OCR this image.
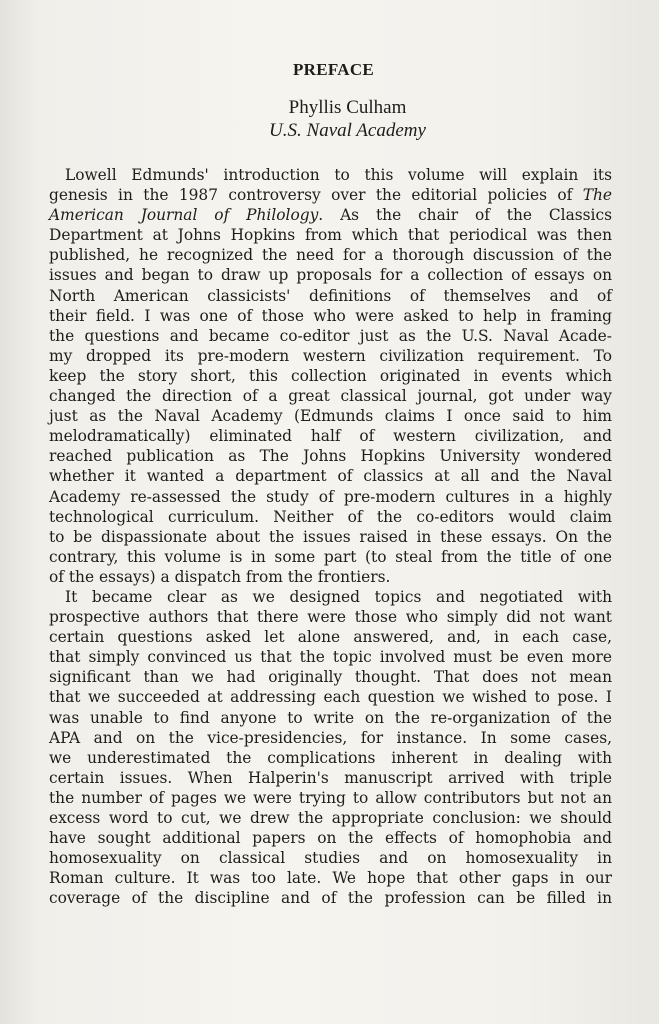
PREFACE
Phyllis Culham
U.S. Naval Academy
Lowell Edmunds' introduction to this volume will explain its
genesis in the 1987 controversy over the editorial policies of The
American Journal of Philology. As the chair of the Classics
Department at Johns Hopkins from which that periodical was then
published, he recognized the need for a thorough discussion of the
issues and began to draw up proposals for a collection of essays on
North American classicists' definitions of themselves and of
their field. I was one of those who were asked to help in framing
the questions and became co-editor just as the U.S. Naval Acade-
my dropped its pre-modern western civilization requirement. To
keep the story short, this collection originated in events which
changed the direction of a great classical journal, got under way
just as the Naval Academy (Edmunds claims I once said to him
melodramatically) eliminated half of western civilization, and
reached publication as The Johns Hopkins University wondered
whether it wanted a department of classics at all and the Naval
Academy re-assessed the study of pre-modern cultures in a highly
technological curriculum. Neither of the co-editors would claim
to be dispassionate about the issues raised in these essays. On the
contrary, this volume is in some part (to steal from the title of one
of the essays) a dispatch from the frontiers.
It became clear as we designed topics and negotiated with
prospective authors that there were those who simply did not want
certain questions asked let alone answered, and, in each case,
that simply convinced us that the topic involved must be even more
significant than we had originally thought. That does not mean
that we succeeded at addressing each question we wished to pose. I
was unable to find anyone to write on the re-organization of the
APA and on the vice-presidencies, for instance. In some cases,
we underestimated the complications inherent in dealing with
certain issues. When Halperin's manuscript arrived with triple
the number of pages we were trying to allow contributors but not an
excess word to cut, we drew the appropriate conclusion: we should
have sought additional papers on the effects of homophobia and
homosexuality on classical studies and on homosexuality in
Roman culture. It was too late. We hope that other gaps in our
coverage of the discipline and of the profession can be filled in
